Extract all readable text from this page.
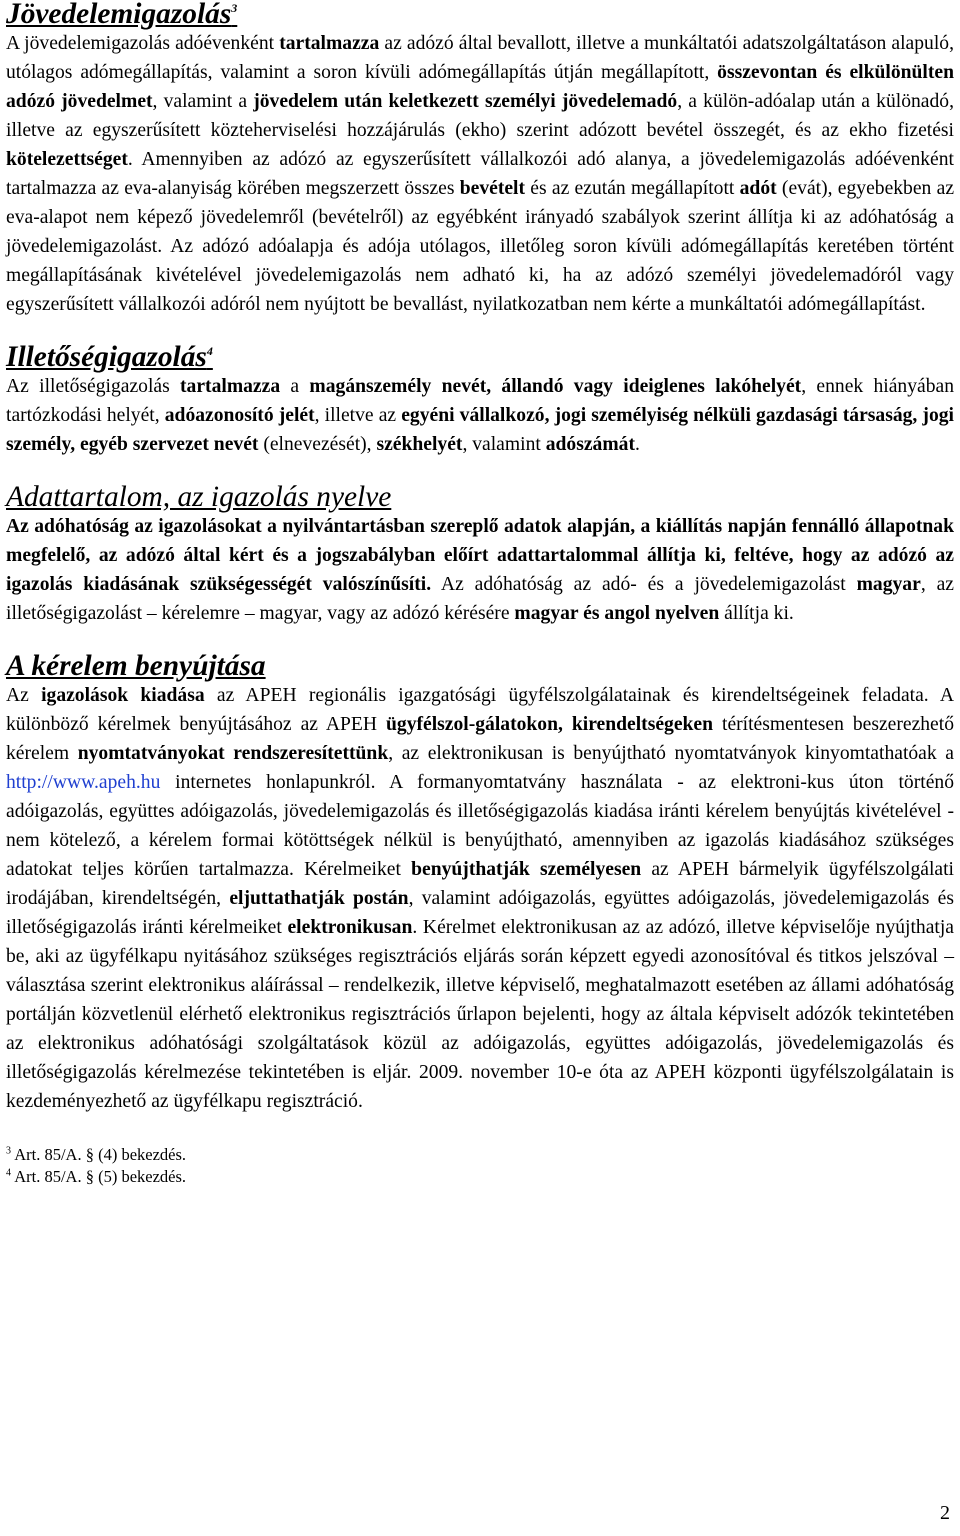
Jövedelemigazolás$^3$

A jövedelemigazolás adóévenként tartalmazza az adózó által bevallott, illetve a munkáltatói adatszolgáltatáson alapuló, utólagos adómegállapítás, valamint a soron kívüli adómegállapítás útján megállapított, összevontan és elkülönülten adózó jövedelmet, valamint a jövedelem után keletkezett személyi jövedelemadó, a külön-adóalap után a különadó, illetve az egyszerűsített közteherviselési hozzájárulás (ekho) szerint adózott bevétel összegét, és az ekho fizetési kötelezettséget. Amennyiben az adózó az egyszerűsített vállalkozói adó alanya, a jövedelemigazolás adóévenként tartalmazza az eva-alanyiság körében megszerzett összes bevételt és az ezután megállapított adót (evát), egyebekben az eva-alapot nem képező jövedelemről (bevételről) az egyébként irányadó szabályok szerint állítja ki az adóhatóság a jövedelemigazolást. Az adózó adóalapja és adója utólagos, illetőleg soron kívüli adómegállapítás keretében történt megállapításának kivételével jövedelemigazolás nem adható ki, ha az adózó személyi jövedelemadóról vagy egyszerűsített vállalkozói adóról nem nyújtott be bevallást, nyilatkozatban nem kérte a munkáltatói adómegállapítást.

Illetőségigazolás$^4$

Az illetőségigazolás tartalmazza a magánszemély nevét, állandó vagy ideiglenes lakóhelyét, ennek hiányában tartózkodási helyét, adóazonosító jelét, illetve az egyéni vállalkozó, jogi személyiség nélküli gazdasági társaság, jogi személy, egyéb szervezet nevét (elnevezését), székhelyét, valamint adószámát.

Adattartalom, az igazolás nyelve

Az adóhatóság az igazolásokat a nyilvántartásban szereplő adatok alapján, a kiállítás napján fennálló állapotnak megfelelő, az adózó által kért és a jogszabályban előírt adattartalommal állítja ki, feltéve, hogy az adózó az igazolás kiadásának szükségességét valószínűsíti. Az adóhatóság az adó- és a jövedelemigazolást magyar, az illetőségigazolást – kérelemre – magyar, vagy az adózó kérésére magyar és angol nyelven állítja ki.

A kérelem benyújtása

Az igazolások kiadása az APEH regionális igazgatósági ügyfélszolgálatainak és kirendeltségeinek feladata. A különböző kérelmek benyújtásához az APEH ügyfélszol-gálatokon, kirendeltségeken térítésmentesen beszerezhető kérelem nyomtatványokat rendszeresítettünk, az elektronikusan is benyújtható nyomtatványok kinyomtathatóak a http://www.apeh.hu internetes honlapunkról. A formanyomtatvány használata - az elektroni-kus úton történő adóigazolás, együttes adóigazolás, jövedelemigazolás és illetőségigazolás kiadása iránti kérelem benyújtás kivételével - nem kötelező, a kérelem formai kötöttségek nélkül is benyújtható, amennyiben az igazolás kiadásához szükséges adatokat teljes körűen tartalmazza. Kérelmeiket benyújthatják személyesen az APEH bármelyik ügyfélszolgálati irodájában, kirendeltségén, eljuttathatják postán, valamint adóigazolás, együttes adóigazolás, jövedelemigazolás és illetőségigazolás iránti kérelmeiket elektronikusan. Kérelmet elektronikusan az az adózó, illetve képviselője nyújthatja be, aki az ügyfélkapu nyitásához szükséges regisztrációs eljárás során képzett egyedi azonosítóval és titkos jelszóval – választása szerint elektronikus aláírással – rendelkezik, illetve képviselő, meghatalmazott esetében az állami adóhatóság portálján közvetlenül elérhető elektronikus regisztrációs űrlapon bejelenti, hogy az általa képviselt adózók tekintetében az elektronikus adóhatósági szolgáltatások közül az adóigazolás, együttes adóigazolás, jövedelemigazolás és illetőségigazolás kérelmezése tekintetében is eljár. 2009. november 10-e óta az APEH központi ügyfélszolgálatain is kezdeményezhető az ügyfélkapu regisztráció.

$^3$ Art. 85/A. § (4) bekezdés.
$^4$ Art. 85/A. § (5) bekezdés.
2
